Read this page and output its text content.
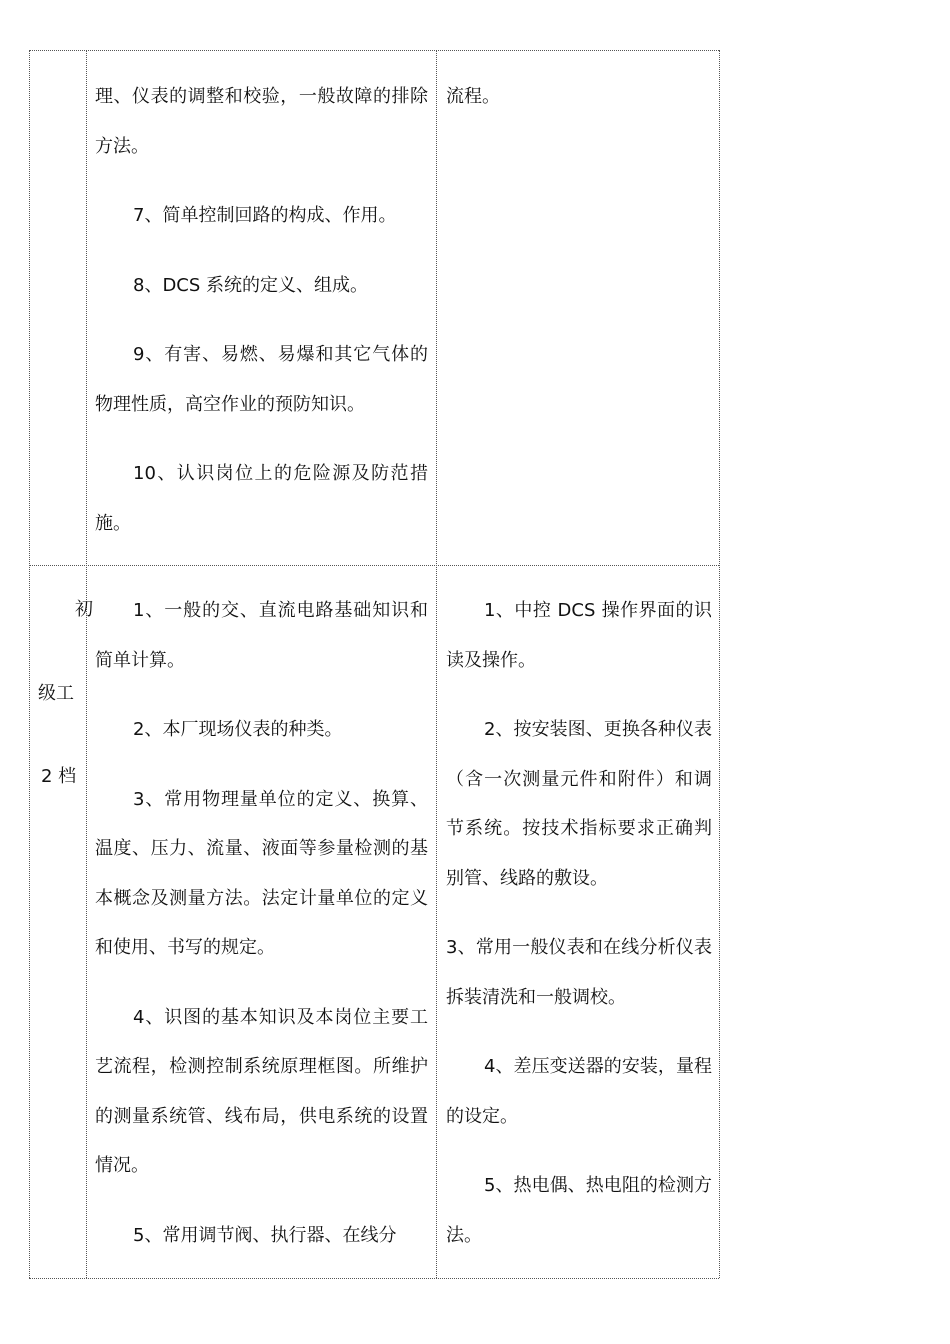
理、仪表的调整和校验，一般故障的排除方法。

7、简单控制回路的构成、作用。

8、DCS 系统的定义、组成。

9、有害、易燃、易爆和其它气体的物理性质，高空作业的预防知识。

10、认识岗位上的危险源及防范措施。

流程。

初
级工
2 档

1、一般的交、直流电路基础知识和简单计算。

2、本厂现场仪表的种类。

3、常用物理量单位的定义、换算、温度、压力、流量、液面等参量检测的基本概念及测量方法。法定计量单位的定义和使用、书写的规定。

4、识图的基本知识及本岗位主要工艺流程，检测控制系统原理框图。所维护的测量系统管、线布局，供电系统的设置情况。

5、常用调节阀、执行器、在线分

1、中控 DCS 操作界面的识读及操作。

2、按安装图、更换各种仪表（含一次测量元件和附件）和调节系统。按技术指标要求正确判别管、线路的敷设。

3、常用一般仪表和在线分析仪表拆装清洗和一般调校。

4、差压变送器的安装，量程的设定。

5、热电偶、热电阻的检测方法。
